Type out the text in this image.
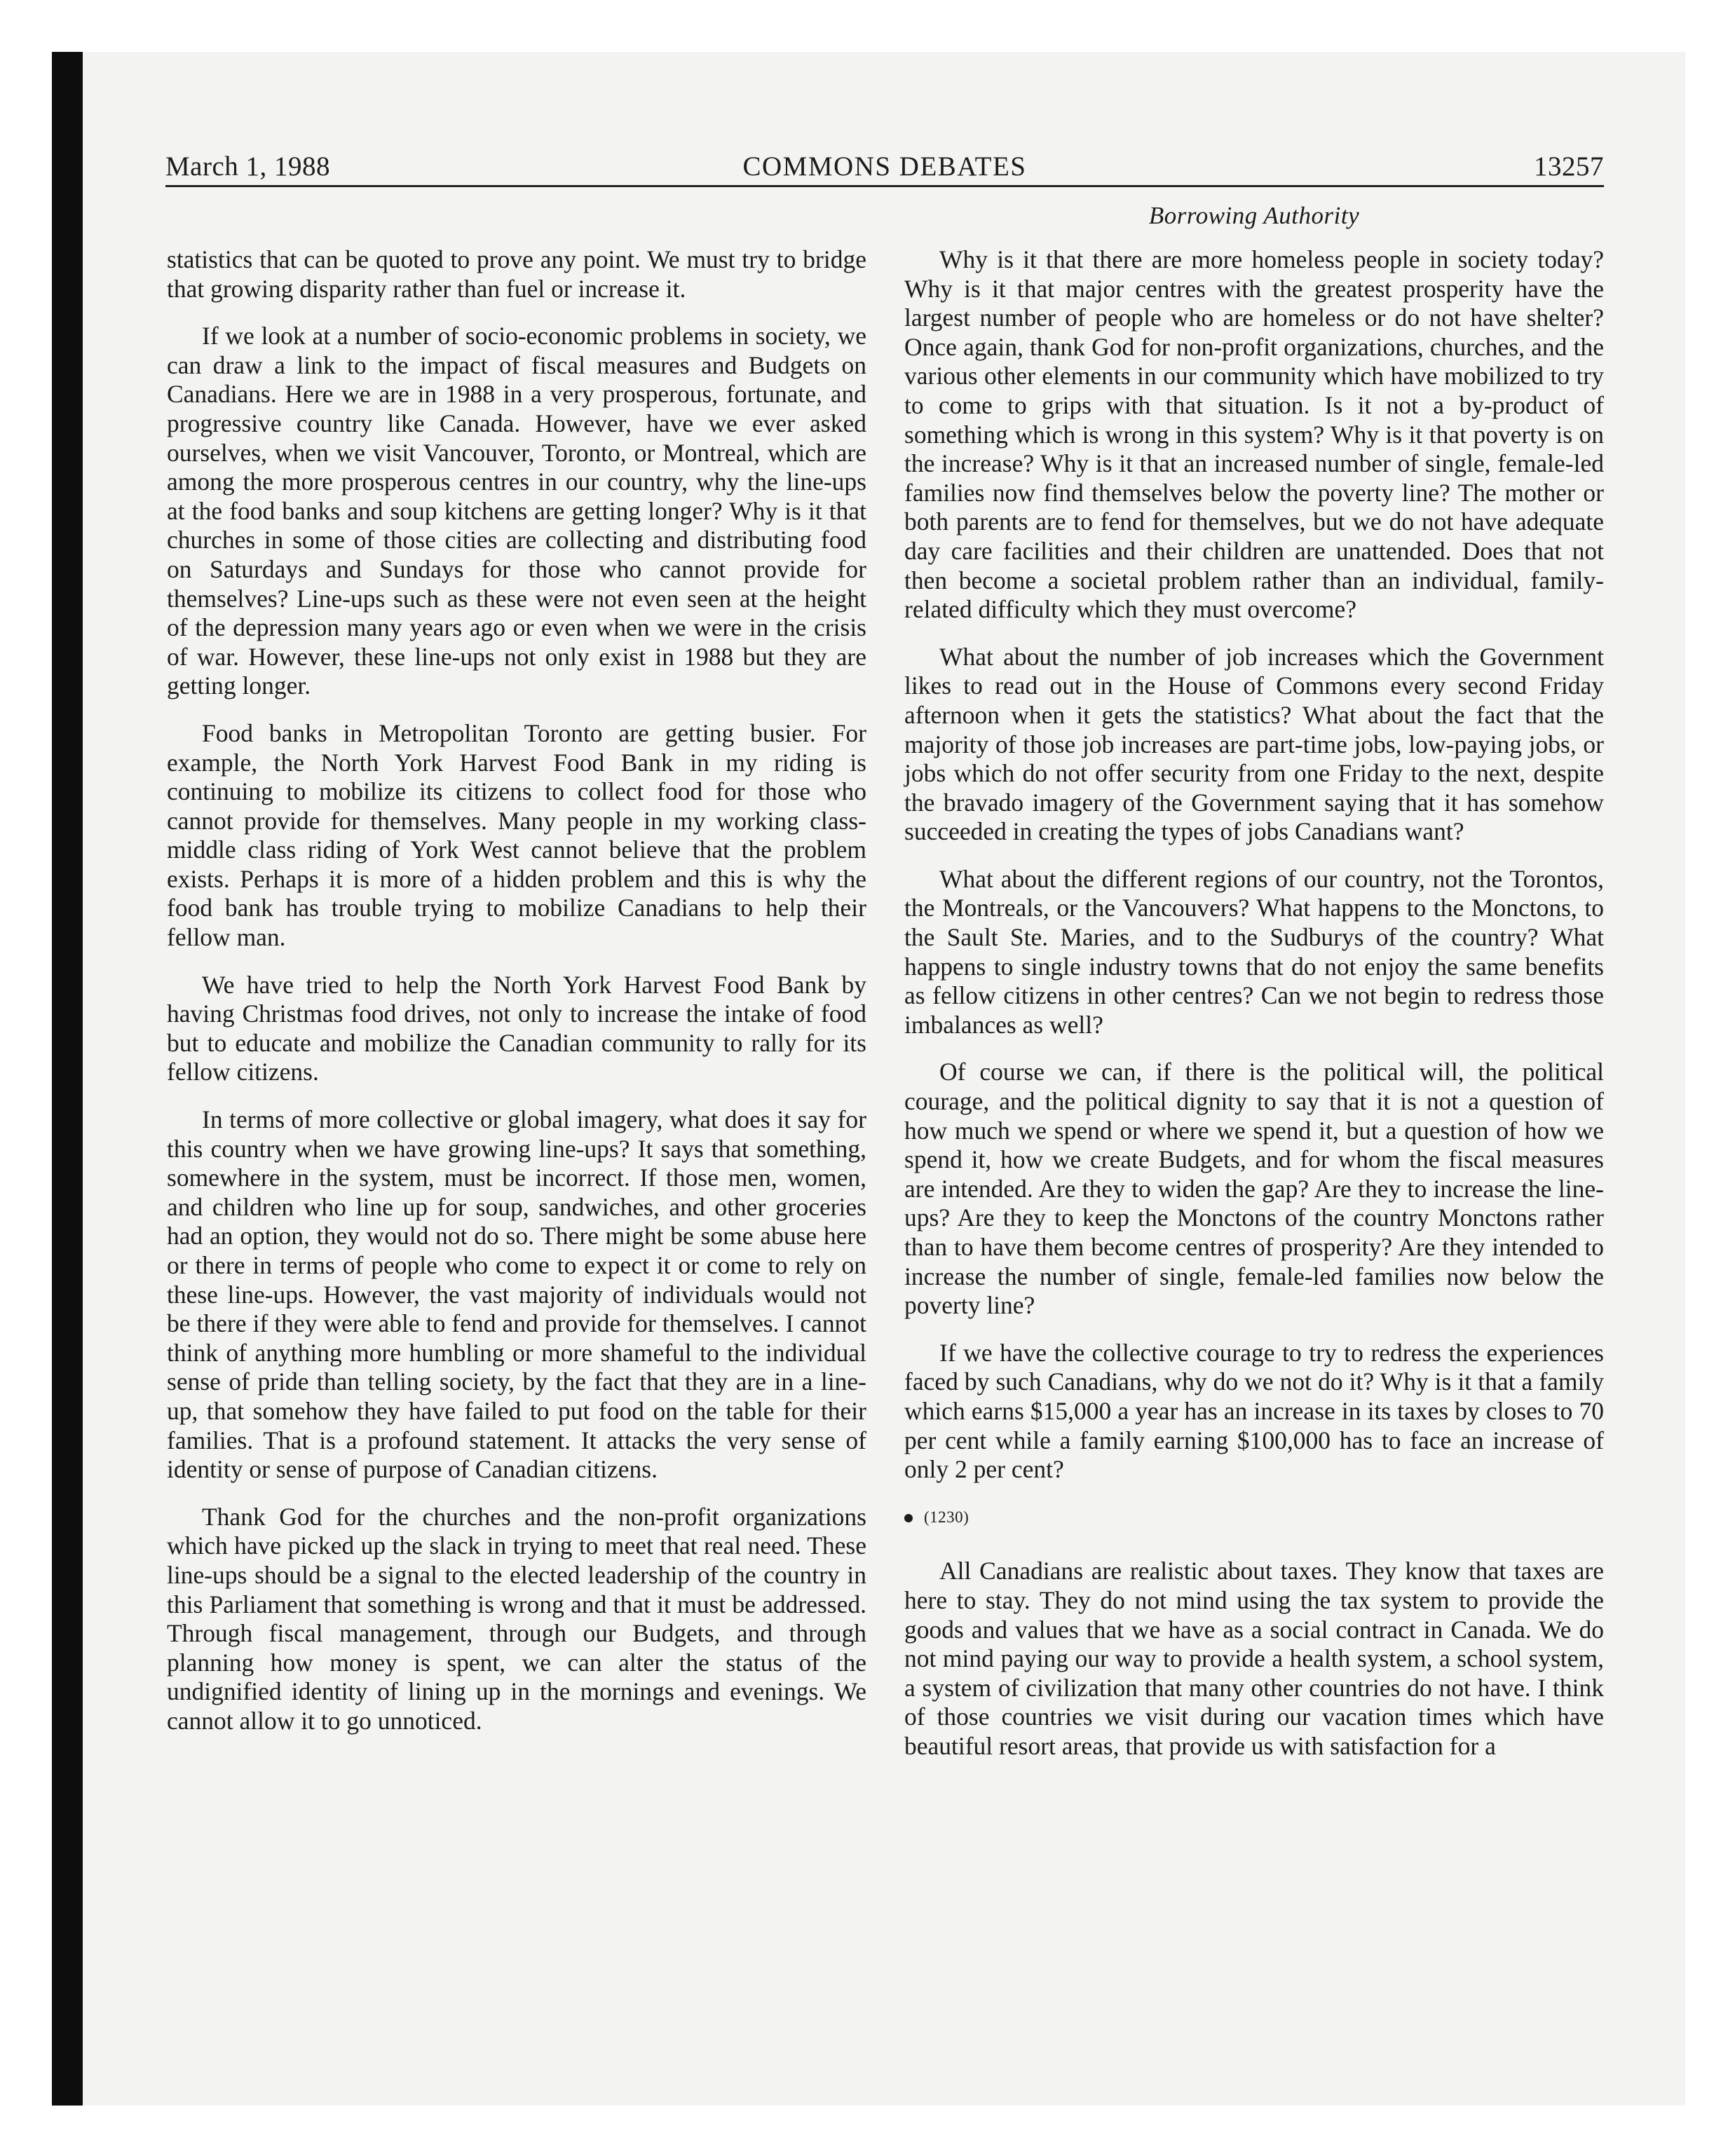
March 1, 1988	COMMONS DEBATES	13257
Borrowing Authority

statistics that can be quoted to prove any point. We must try to bridge that growing disparity rather than fuel or increase it.

If we look at a number of socio-economic problems in society, we can draw a link to the impact of fiscal measures and Budgets on Canadians. Here we are in 1988 in a very prosperous, fortunate, and progressive country like Canada. However, have we ever asked ourselves, when we visit Vancouver, Toronto, or Montreal, which are among the more prosperous centres in our country, why the line-ups at the food banks and soup kitchens are getting longer? Why is it that churches in some of those cities are collecting and distributing food on Saturdays and Sundays for those who cannot provide for themselves? Line-ups such as these were not even seen at the height of the depression many years ago or even when we were in the crisis of war. However, these line-ups not only exist in 1988 but they are getting longer.

Food banks in Metropolitan Toronto are getting busier. For example, the North York Harvest Food Bank in my riding is continuing to mobilize its citizens to collect food for those who cannot provide for themselves. Many people in my working class-middle class riding of York West cannot believe that the problem exists. Perhaps it is more of a hidden problem and this is why the food bank has trouble trying to mobilize Canadians to help their fellow man.

We have tried to help the North York Harvest Food Bank by having Christmas food drives, not only to increase the intake of food but to educate and mobilize the Canadian community to rally for its fellow citizens.

In terms of more collective or global imagery, what does it say for this country when we have growing line-ups? It says that something, somewhere in the system, must be incorrect. If those men, women, and children who line up for soup, sandwiches, and other groceries had an option, they would not do so. There might be some abuse here or there in terms of people who come to expect it or come to rely on these line-ups. However, the vast majority of individuals would not be there if they were able to fend and provide for themselves. I cannot think of anything more humbling or more shameful to the individual sense of pride than telling society, by the fact that they are in a line-up, that somehow they have failed to put food on the table for their families. That is a profound statement. It attacks the very sense of identity or sense of purpose of Canadian citizens.

Thank God for the churches and the non-profit organizations which have picked up the slack in trying to meet that real need. These line-ups should be a signal to the elected leadership of the country in this Parliament that something is wrong and that it must be addressed. Through fiscal management, through our Budgets, and through planning how money is spent, we can alter the status of the undignified identity of lining up in the mornings and evenings. We cannot allow it to go unnoticed.

Why is it that there are more homeless people in society today? Why is it that major centres with the greatest prosperity have the largest number of people who are homeless or do not have shelter? Once again, thank God for non-profit organizations, churches, and the various other elements in our community which have mobilized to try to come to grips with that situation. Is it not a by-product of something which is wrong in this system? Why is it that poverty is on the increase? Why is it that an increased number of single, female-led families now find themselves below the poverty line? The mother or both parents are to fend for themselves, but we do not have adequate day care facilities and their children are unattended. Does that not then become a societal problem rather than an individual, family-related difficulty which they must overcome?

What about the number of job increases which the Government likes to read out in the House of Commons every second Friday afternoon when it gets the statistics? What about the fact that the majority of those job increases are part-time jobs, low-paying jobs, or jobs which do not offer security from one Friday to the next, despite the bravado imagery of the Government saying that it has somehow succeeded in creating the types of jobs Canadians want?

What about the different regions of our country, not the Torontos, the Montreals, or the Vancouvers? What happens to the Monctons, to the Sault Ste. Maries, and to the Sudburys of the country? What happens to single industry towns that do not enjoy the same benefits as fellow citizens in other centres? Can we not begin to redress those imbalances as well?

Of course we can, if there is the political will, the political courage, and the political dignity to say that it is not a question of how much we spend or where we spend it, but a question of how we spend it, how we create Budgets, and for whom the fiscal measures are intended. Are they to widen the gap? Are they to increase the line-ups? Are they to keep the Monctons of the country Monctons rather than to have them become centres of prosperity? Are they intended to increase the number of single, female-led families now below the poverty line?

If we have the collective courage to try to redress the experiences faced by such Canadians, why do we not do it? Why is it that a family which earns $15,000 a year has an increase in its taxes by closes to 70 per cent while a family earning $100,000 has to face an increase of only 2 per cent?

(1230)

All Canadians are realistic about taxes. They know that taxes are here to stay. They do not mind using the tax system to provide the goods and values that we have as a social contract in Canada. We do not mind paying our way to provide a health system, a school system, a system of civilization that many other countries do not have. I think of those countries we visit during our vacation times which have beautiful resort areas, that provide us with satisfaction for a
